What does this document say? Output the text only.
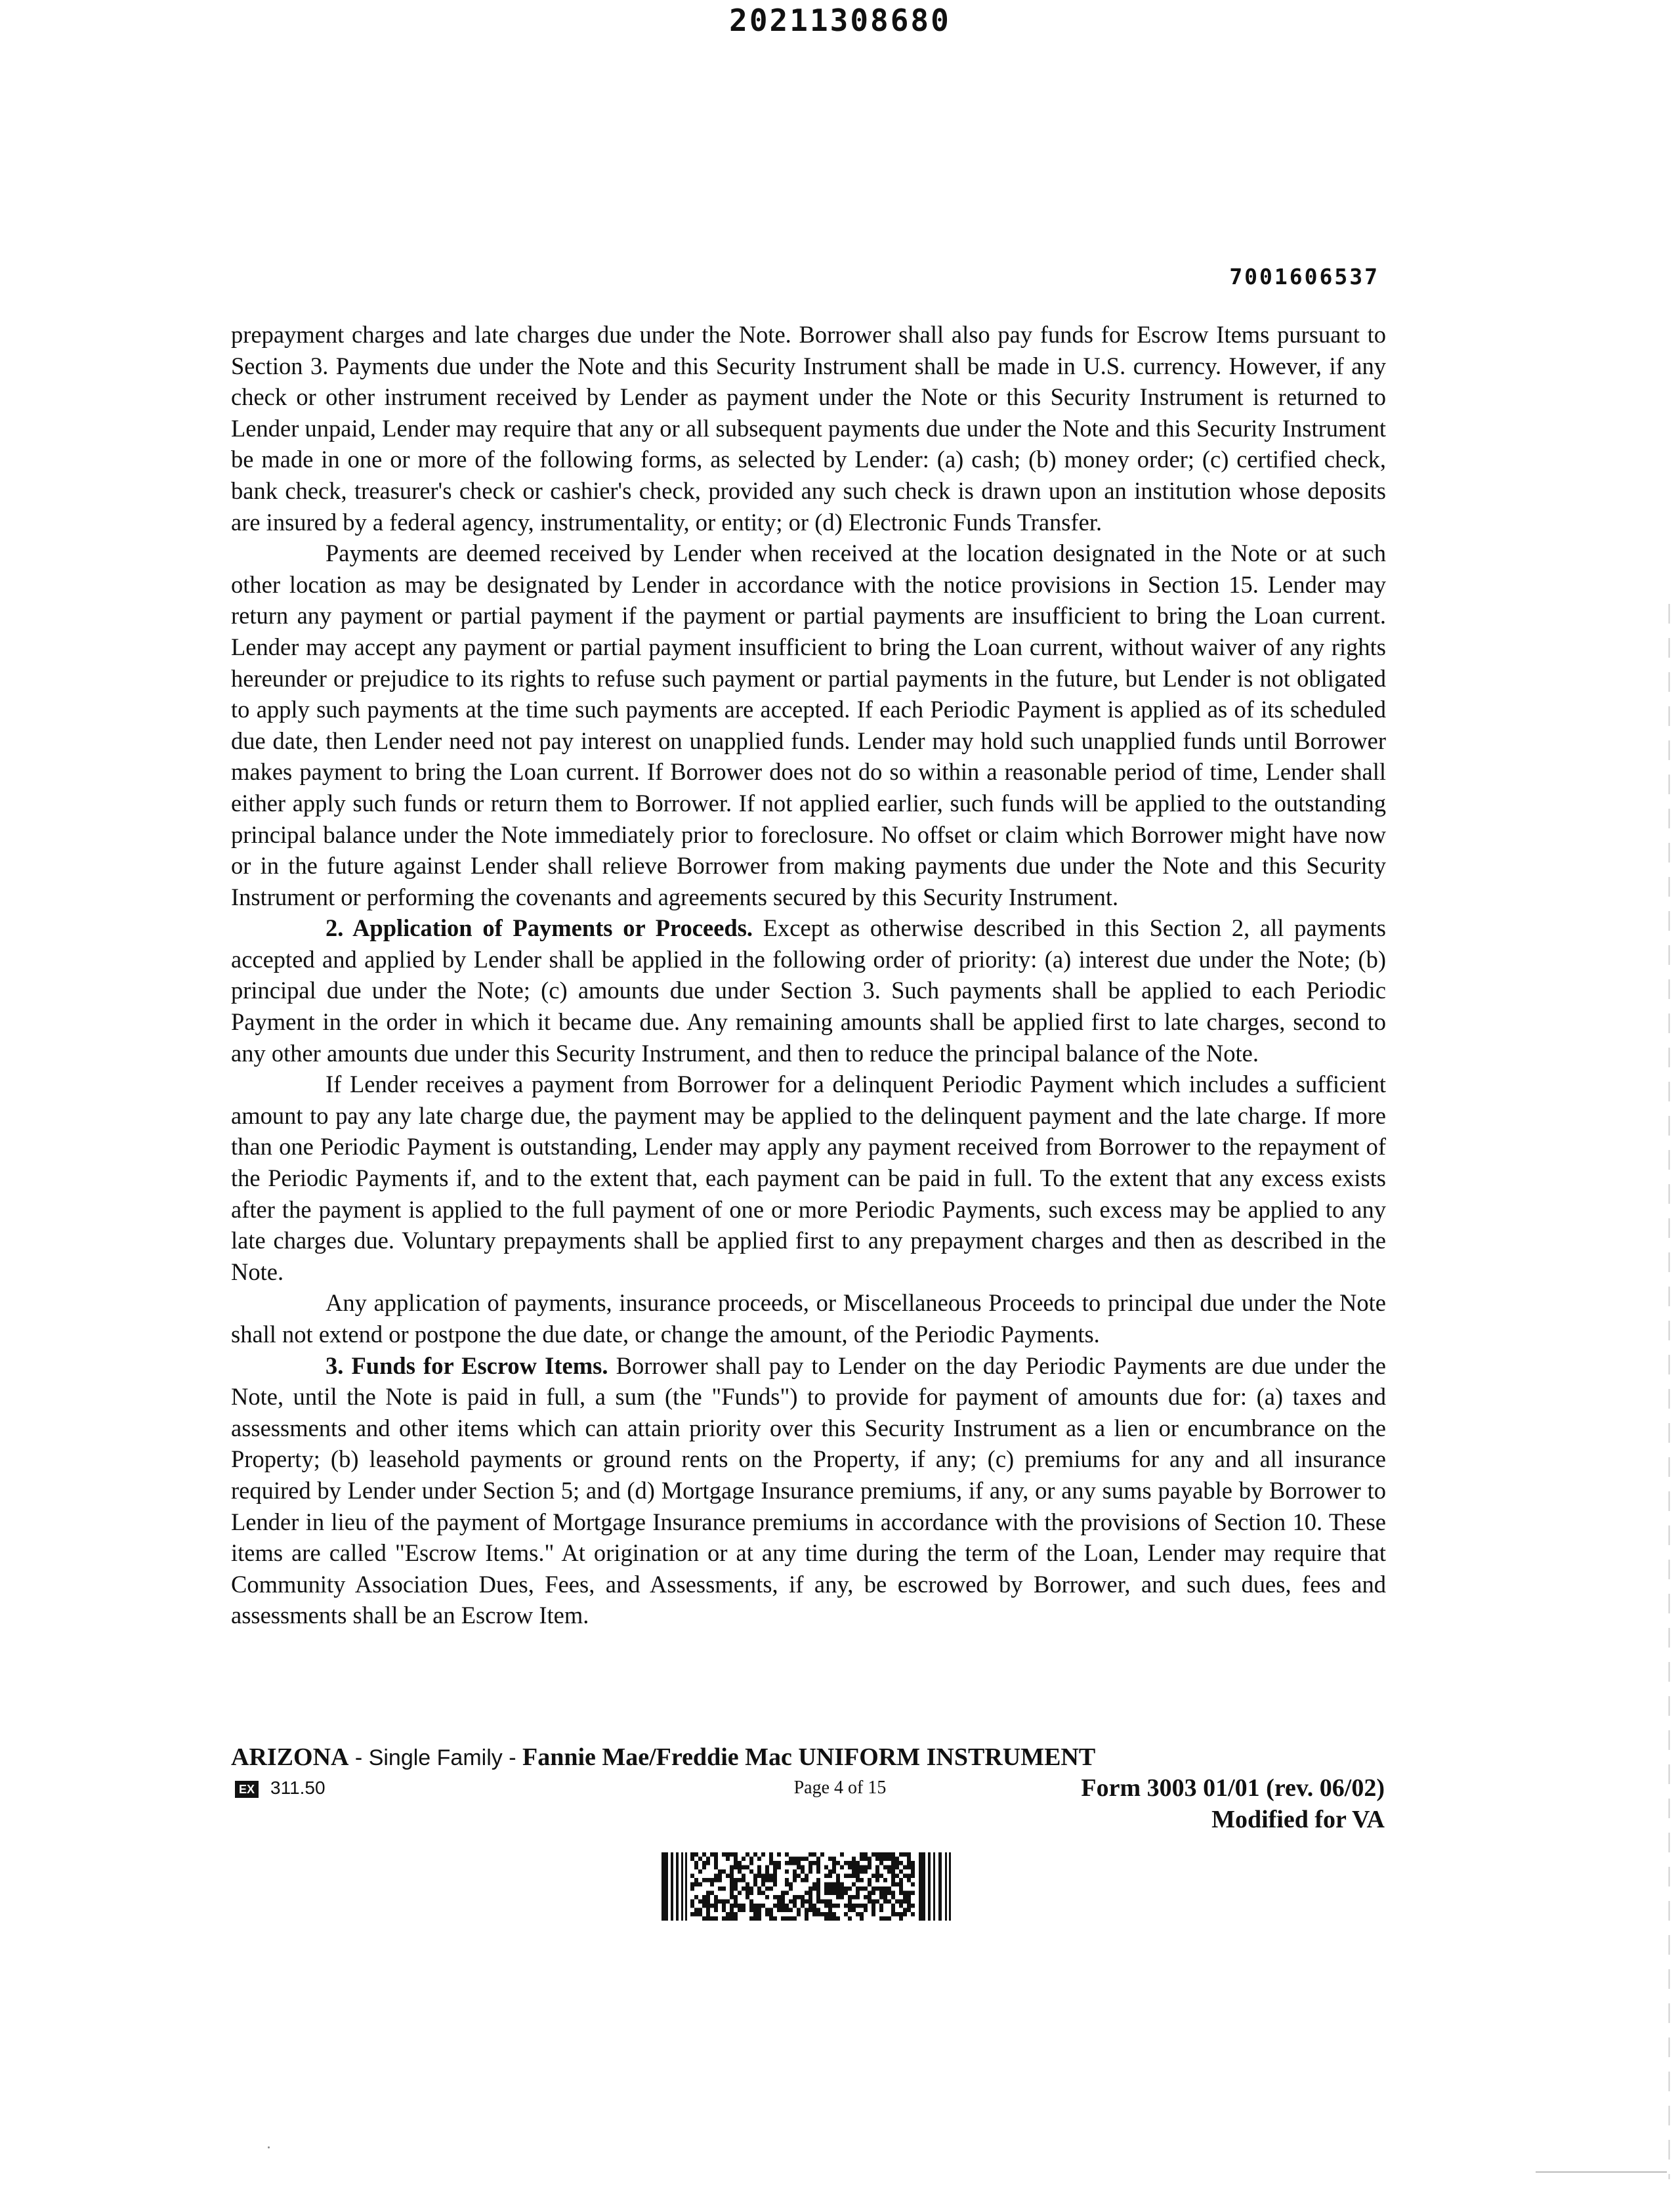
20211308680
7001606537

prepayment charges and late charges due under the Note. Borrower shall also pay funds for Escrow Items pursuant to Section 3. Payments due under the Note and this Security Instrument shall be made in U.S. currency. However, if any check or other instrument received by Lender as payment under the Note or this Security Instrument is returned to Lender unpaid, Lender may require that any or all subsequent payments due under the Note and this Security Instrument be made in one or more of the following forms, as selected by Lender: (a) cash; (b) money order; (c) certified check, bank check, treasurer's check or cashier's check, provided any such check is drawn upon an institution whose deposits are insured by a federal agency, instrumentality, or entity; or (d) Electronic Funds Transfer.

Payments are deemed received by Lender when received at the location designated in the Note or at such other location as may be designated by Lender in accordance with the notice provisions in Section 15. Lender may return any payment or partial payment if the payment or partial payments are insufficient to bring the Loan current. Lender may accept any payment or partial payment insufficient to bring the Loan current, without waiver of any rights hereunder or prejudice to its rights to refuse such payment or partial payments in the future, but Lender is not obligated to apply such payments at the time such payments are accepted. If each Periodic Payment is applied as of its scheduled due date, then Lender need not pay interest on unapplied funds. Lender may hold such unapplied funds until Borrower makes payment to bring the Loan current. If Borrower does not do so within a reasonable period of time, Lender shall either apply such funds or return them to Borrower. If not applied earlier, such funds will be applied to the outstanding principal balance under the Note immediately prior to foreclosure. No offset or claim which Borrower might have now or in the future against Lender shall relieve Borrower from making payments due under the Note and this Security Instrument or performing the covenants and agreements secured by this Security Instrument.

2. Application of Payments or Proceeds. Except as otherwise described in this Section 2, all payments accepted and applied by Lender shall be applied in the following order of priority: (a) interest due under the Note; (b) principal due under the Note; (c) amounts due under Section 3. Such payments shall be applied to each Periodic Payment in the order in which it became due. Any remaining amounts shall be applied first to late charges, second to any other amounts due under this Security Instrument, and then to reduce the principal balance of the Note.

If Lender receives a payment from Borrower for a delinquent Periodic Payment which includes a sufficient amount to pay any late charge due, the payment may be applied to the delinquent payment and the late charge. If more than one Periodic Payment is outstanding, Lender may apply any payment received from Borrower to the repayment of the Periodic Payments if, and to the extent that, each payment can be paid in full. To the extent that any excess exists after the payment is applied to the full payment of one or more Periodic Payments, such excess may be applied to any late charges due. Voluntary prepayments shall be applied first to any prepayment charges and then as described in the Note.

Any application of payments, insurance proceeds, or Miscellaneous Proceeds to principal due under the Note shall not extend or postpone the due date, or change the amount, of the Periodic Payments.

3. Funds for Escrow Items. Borrower shall pay to Lender on the day Periodic Payments are due under the Note, until the Note is paid in full, a sum (the "Funds") to provide for payment of amounts due for: (a) taxes and assessments and other items which can attain priority over this Security Instrument as a lien or encumbrance on the Property; (b) leasehold payments or ground rents on the Property, if any; (c) premiums for any and all insurance required by Lender under Section 5; and (d) Mortgage Insurance premiums, if any, or any sums payable by Borrower to Lender in lieu of the payment of Mortgage Insurance premiums in accordance with the provisions of Section 10. These items are called "Escrow Items." At origination or at any time during the term of the Loan, Lender may require that Community Association Dues, Fees, and Assessments, if any, be escrowed by Borrower, and such dues, fees and assessments shall be an Escrow Item.

ARIZONA - Single Family - Fannie Mae/Freddie Mac UNIFORM INSTRUMENT
EX 311.50	Page 4 of 15	Form 3003 01/01 (rev. 06/02)
Modified for VA
